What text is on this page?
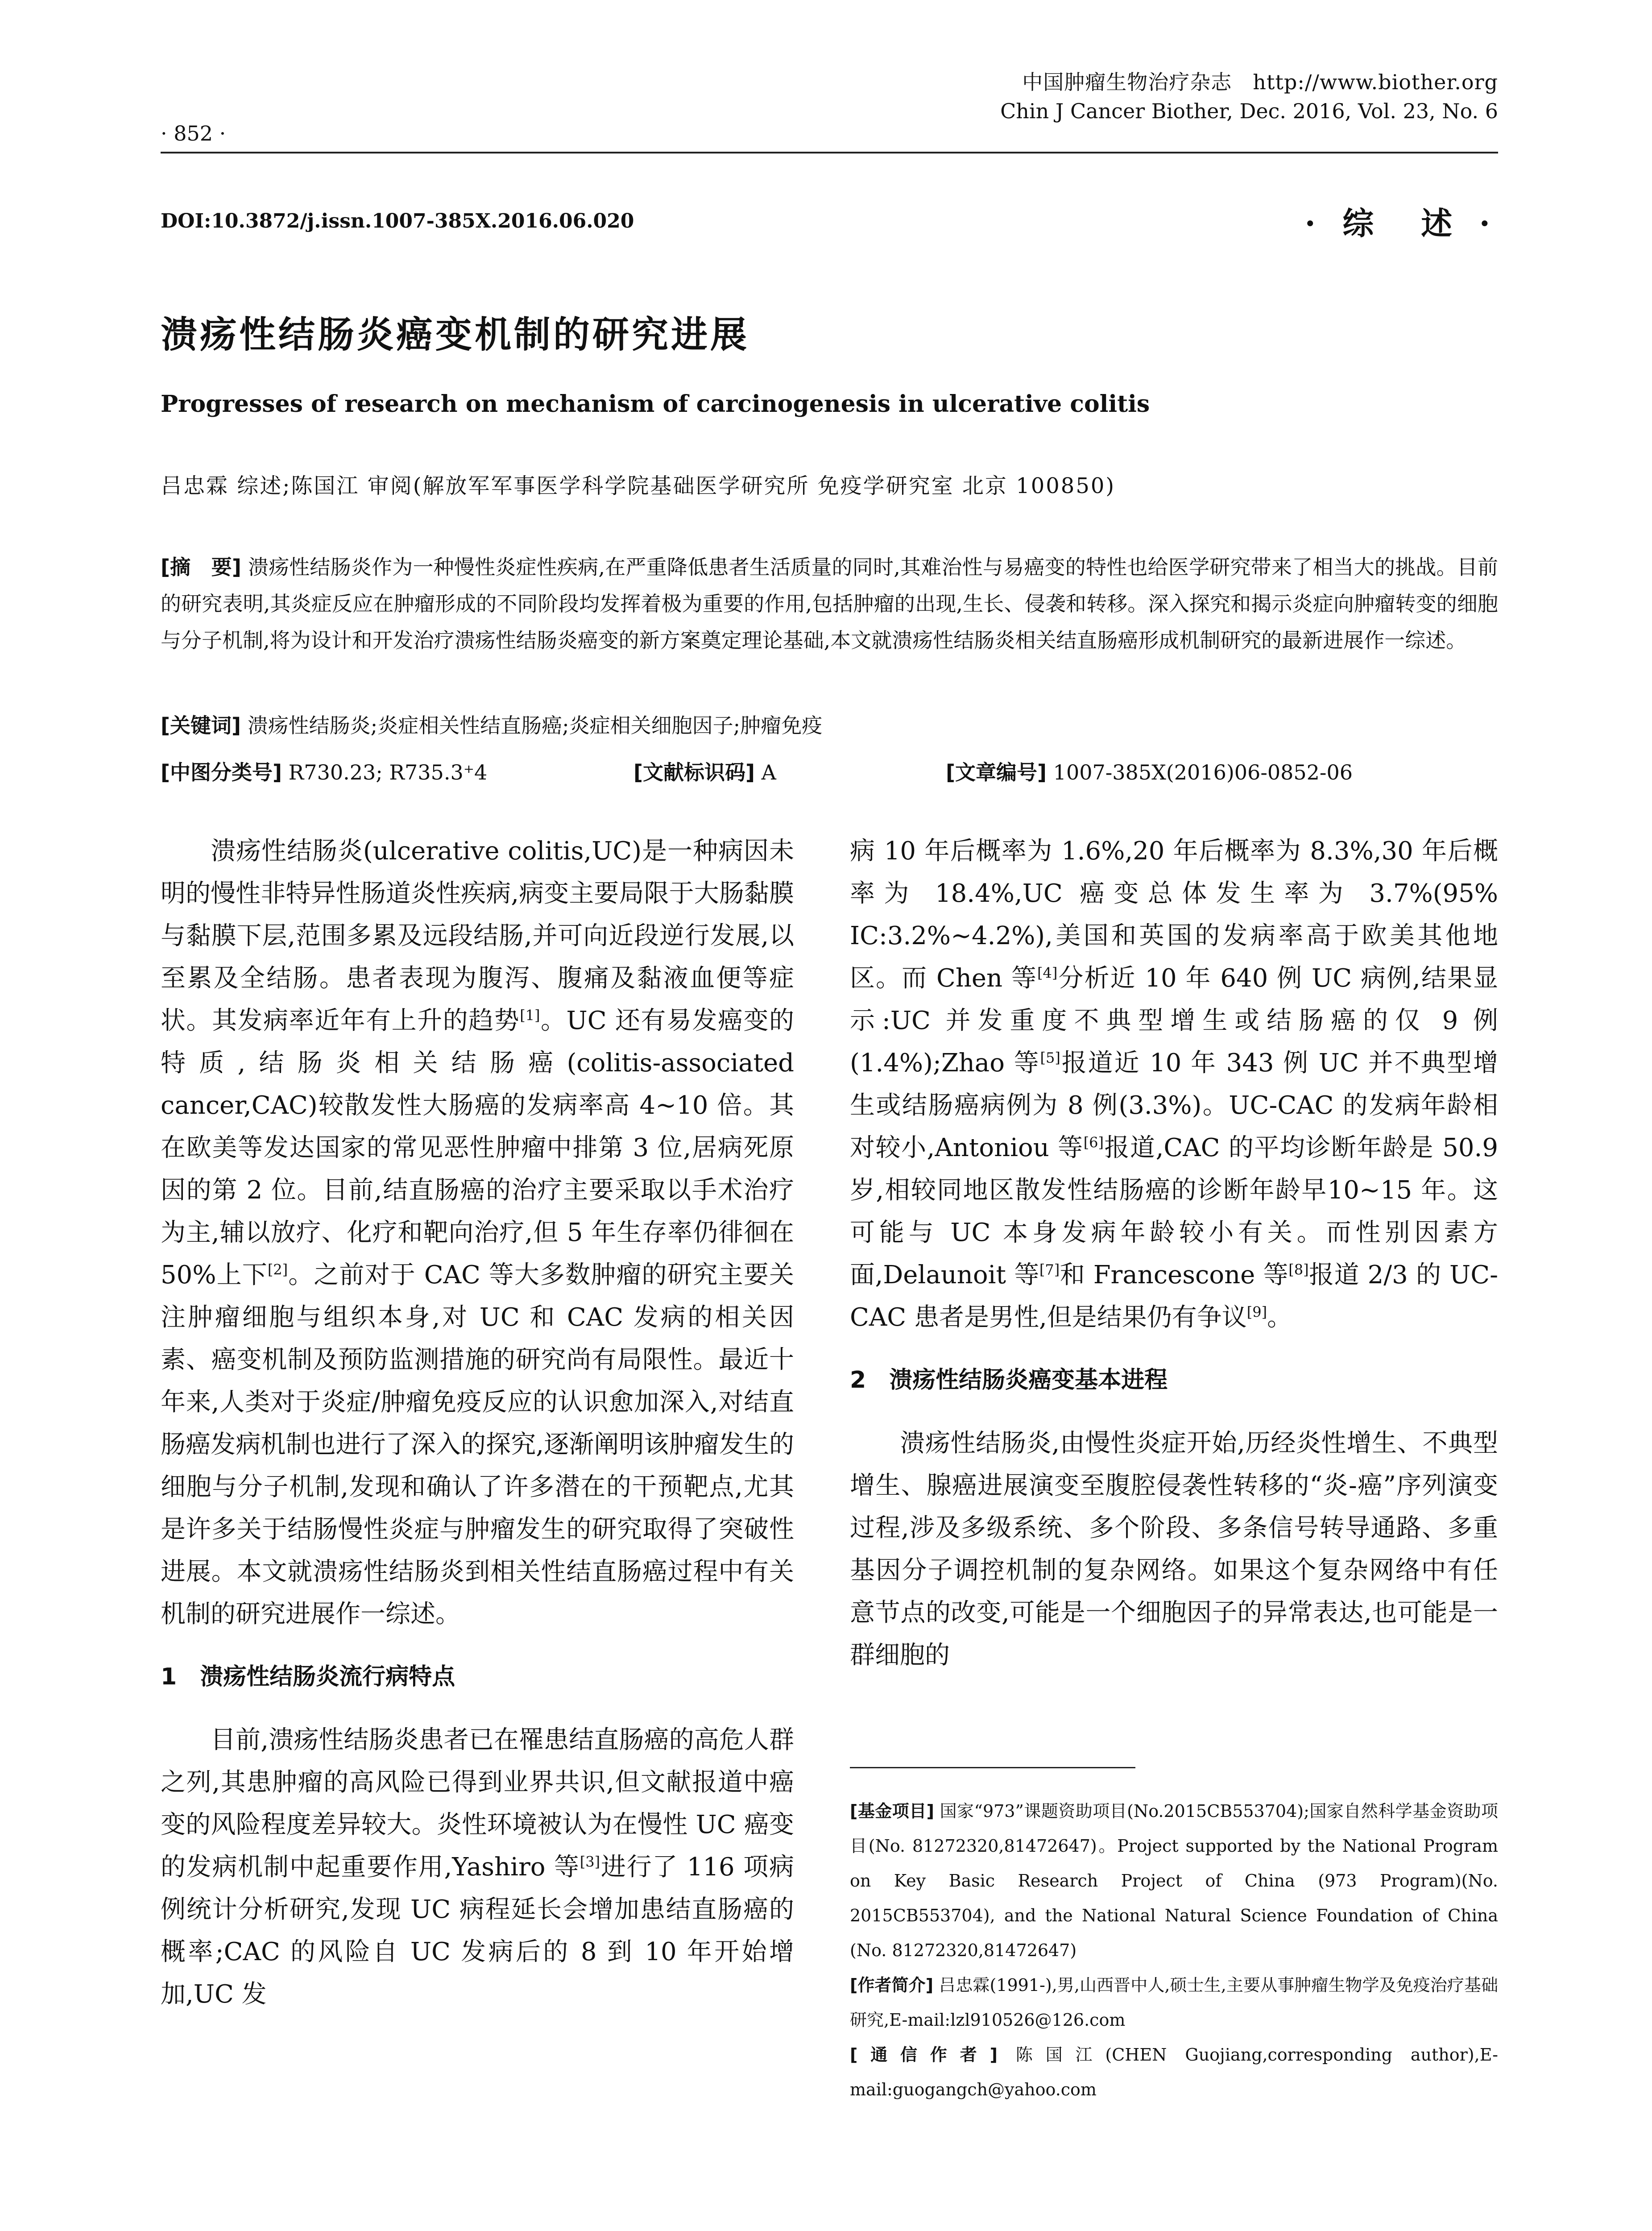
中国肿瘤生物治疗杂志　http://www.biother.org
Chin J Cancer Biother, Dec. 2016, Vol. 23, No. 6
· 852 ·
DOI:10.3872/j.issn.1007-385X.2016.06.020	· 综　述 ·
溃疡性结肠炎癌变机制的研究进展
Progresses of research on mechanism of carcinogenesis in ulcerative colitis
吕忠霖 综述;陈国江 审阅(解放军军事医学科学院基础医学研究所 免疫学研究室 北京 100850)
[摘　要] 溃疡性结肠炎作为一种慢性炎症性疾病,在严重降低患者生活质量的同时,其难治性与易癌变的特性也给医学研究带来了相当大的挑战。目前的研究表明,其炎症反应在肿瘤形成的不同阶段均发挥着极为重要的作用,包括肿瘤的出现,生长、侵袭和转移。深入探究和揭示炎症向肿瘤转变的细胞与分子机制,将为设计和开发治疗溃疡性结肠炎癌变的新方案奠定理论基础,本文就溃疡性结肠炎相关结直肠癌形成机制研究的最新进展作一综述。
[关键词] 溃疡性结肠炎;炎症相关性结直肠癌;炎症相关细胞因子;肿瘤免疫
[中图分类号] R730.23; R735.3⁺4	[文献标识码] A	[文章编号] 1007-385X(2016)06-0852-06

溃疡性结肠炎(ulcerative colitis,UC)是一种病因未明的慢性非特异性肠道炎性疾病,病变主要局限于大肠黏膜与黏膜下层,范围多累及远段结肠,并可向近段逆行发展,以至累及全结肠。患者表现为腹泻、腹痛及黏液血便等症状。其发病率近年有上升的趋势[1]。UC 还有易发癌变的特质,结肠炎相关结肠癌(colitis-associated cancer,CAC)较散发性大肠癌的发病率高 4~10 倍。其在欧美等发达国家的常见恶性肿瘤中排第 3 位,居病死原因的第 2 位。目前,结直肠癌的治疗主要采取以手术治疗为主,辅以放疗、化疗和靶向治疗,但 5 年生存率仍徘徊在 50%上下[2]。之前对于 CAC 等大多数肿瘤的研究主要关注肿瘤细胞与组织本身,对 UC 和 CAC 发病的相关因素、癌变机制及预防监测措施的研究尚有局限性。最近十年来,人类对于炎症/肿瘤免疫反应的认识愈加深入,对结直肠癌发病机制也进行了深入的探究,逐渐阐明该肿瘤发生的细胞与分子机制,发现和确认了许多潜在的干预靶点,尤其是许多关于结肠慢性炎症与肿瘤发生的研究取得了突破性进展。本文就溃疡性结肠炎到相关性结直肠癌过程中有关机制的研究进展作一综述。

1　溃疡性结肠炎流行病特点

目前,溃疡性结肠炎患者已在罹患结直肠癌的高危人群之列,其患肿瘤的高风险已得到业界共识,但文献报道中癌变的风险程度差异较大。炎性环境被认为在慢性 UC 癌变的发病机制中起重要作用,Yashiro 等[3]进行了 116 项病例统计分析研究,发现 UC 病程延长会增加患结直肠癌的概率;CAC 的风险自 UC 发病后的 8 到 10 年开始增加,UC 发

病 10 年后概率为 1.6%,20 年后概率为 8.3%,30 年后概率为 18.4%,UC 癌变总体发生率为 3.7%(95% IC:3.2%~4.2%),美国和英国的发病率高于欧美其他地区。而 Chen 等[4]分析近 10 年 640 例 UC 病例,结果显示:UC 并发重度不典型增生或结肠癌的仅 9 例(1.4%);Zhao 等[5]报道近 10 年 343 例 UC 并不典型增生或结肠癌病例为 8 例(3.3%)。UC-CAC 的发病年龄相对较小,Antoniou 等[6]报道,CAC 的平均诊断年龄是 50.9 岁,相较同地区散发性结肠癌的诊断年龄早10~15 年。这可能与 UC 本身发病年龄较小有关。而性别因素方面,Delaunoit 等[7]和 Francescone 等[8]报道 2/3 的 UC-CAC 患者是男性,但是结果仍有争议[9]。

2　溃疡性结肠炎癌变基本进程

溃疡性结肠炎,由慢性炎症开始,历经炎性增生、不典型增生、腺癌进展演变至腹腔侵袭性转移的“炎-癌”序列演变过程,涉及多级系统、多个阶段、多条信号转导通路、多重基因分子调控机制的复杂网络。如果这个复杂网络中有任意节点的改变,可能是一个细胞因子的异常表达,也可能是一群细胞的

[基金项目] 国家“973”课题资助项目(No.2015CB553704);国家自然科学基金资助项目(No. 81272320,81472647)。Project supported by the National Program on Key Basic Research Project of China (973 Program)(No. 2015CB553704), and the National Natural Science Foundation of China (No. 81272320,81472647)

[作者简介] 吕忠霖(1991-),男,山西晋中人,硕士生,主要从事肿瘤生物学及免疫治疗基础研究,E-mail:lzl910526@126.com

[通信作者] 陈国江(CHEN Guojiang,corresponding author),E-mail:guogangch@yahoo.com
